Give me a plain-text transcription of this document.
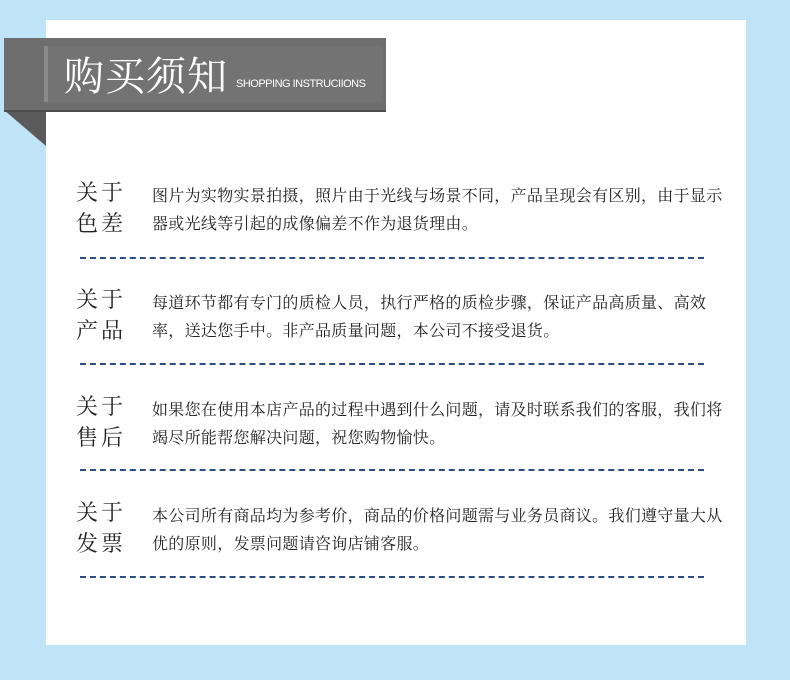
购买须知 SHOPPING INSTRUCIIONS
关于
色差
图片为实物实景拍摄，照片由于光线与场景不同，产品呈现会有区别，由于显示器或光线等引起的成像偏差不作为退货理由。
关于
产品
每道环节都有专门的质检人员，执行严格的质检步骤，保证产品高质量、高效率，送达您手中。非产品质量问题，本公司不接受退货。
关于
售后
如果您在使用本店产品的过程中遇到什么问题，请及时联系我们的客服，我们将竭尽所能帮您解决问题，祝您购物愉快。
关于
发票
本公司所有商品均为参考价，商品的价格问题需与业务员商议。我们遵守量大从优的原则，发票问题请咨询店铺客服。
